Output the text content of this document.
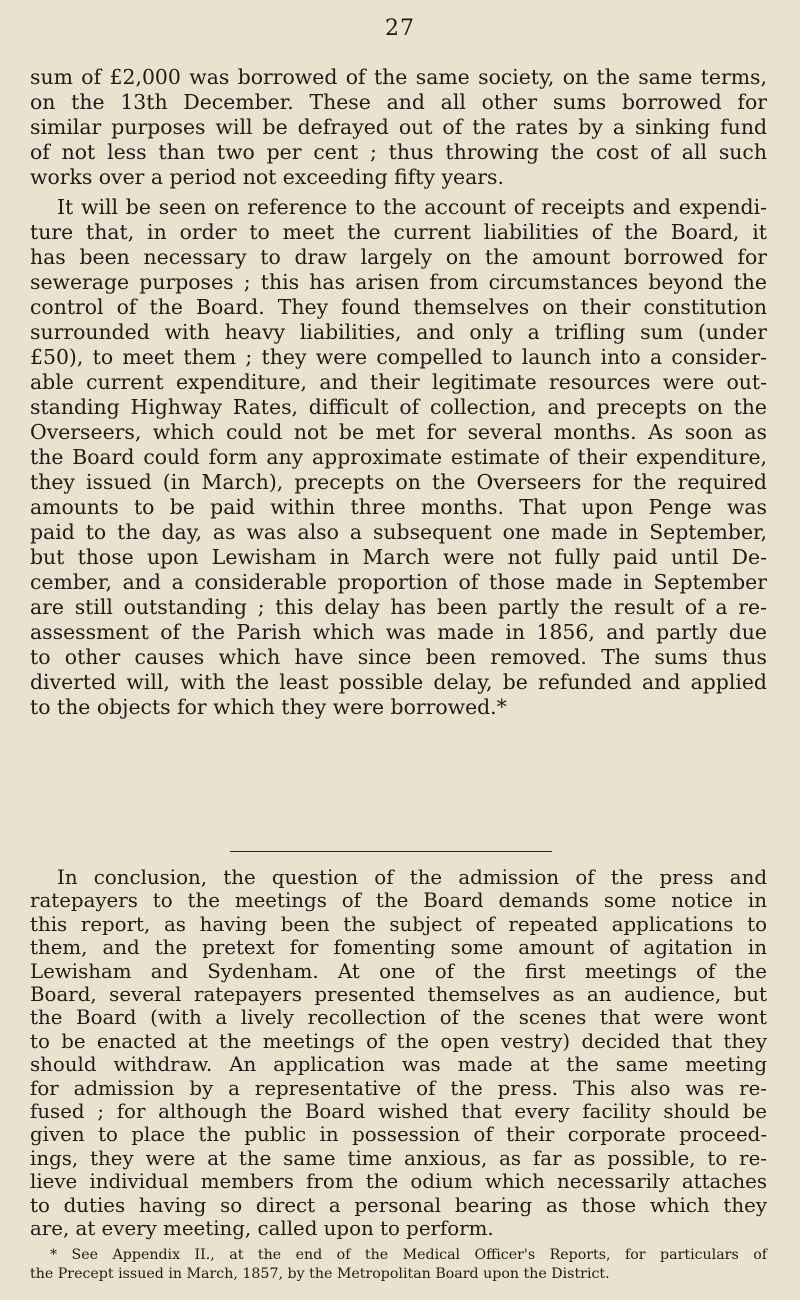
27
sum of £2,000 was borrowed of the same society, on the same terms,
on the 13th December. These and all other sums borrowed for
similar purposes will be defrayed out of the rates by a sinking fund
of not less than two per cent ; thus throwing the cost of all such
works over a period not exceeding fifty years.
It will be seen on reference to the account of receipts and expendi-
ture that, in order to meet the current liabilities of the Board, it
has been necessary to draw largely on the amount borrowed for
sewerage purposes ; this has arisen from circumstances beyond the
control of the Board. They found themselves on their constitution
surrounded with heavy liabilities, and only a trifling sum (under
£50), to meet them ; they were compelled to launch into a consider-
able current expenditure, and their legitimate resources were out-
standing Highway Rates, difficult of collection, and precepts on the
Overseers, which could not be met for several months. As soon as
the Board could form any approximate estimate of their expenditure,
they issued (in March), precepts on the Overseers for the required
amounts to be paid within three months. That upon Penge was
paid to the day, as was also a subsequent one made in September,
but those upon Lewisham in March were not fully paid until De-
cember, and a considerable proportion of those made in September
are still outstanding ; this delay has been partly the result of a re-
assessment of the Parish which was made in 1856, and partly due
to other causes which have since been removed. The sums thus
diverted will, with the least possible delay, be refunded and applied
to the objects for which they were borrowed.*
In conclusion, the question of the admission of the press and
ratepayers to the meetings of the Board demands some notice in
this report, as having been the subject of repeated applications to
them, and the pretext for fomenting some amount of agitation in
Lewisham and Sydenham. At one of the first meetings of the
Board, several ratepayers presented themselves as an audience, but
the Board (with a lively recollection of the scenes that were wont
to be enacted at the meetings of the open vestry) decided that they
should withdraw. An application was made at the same meeting
for admission by a representative of the press. This also was re-
fused ; for although the Board wished that every facility should be
given to place the public in possession of their corporate proceed-
ings, they were at the same time anxious, as far as possible, to re-
lieve individual members from the odium which necessarily attaches
to duties having so direct a personal bearing as those which they
are, at every meeting, called upon to perform.
* See Appendix II., at the end of the Medical Officer's Reports, for particulars of
the Precept issued in March, 1857, by the Metropolitan Board upon the District.
